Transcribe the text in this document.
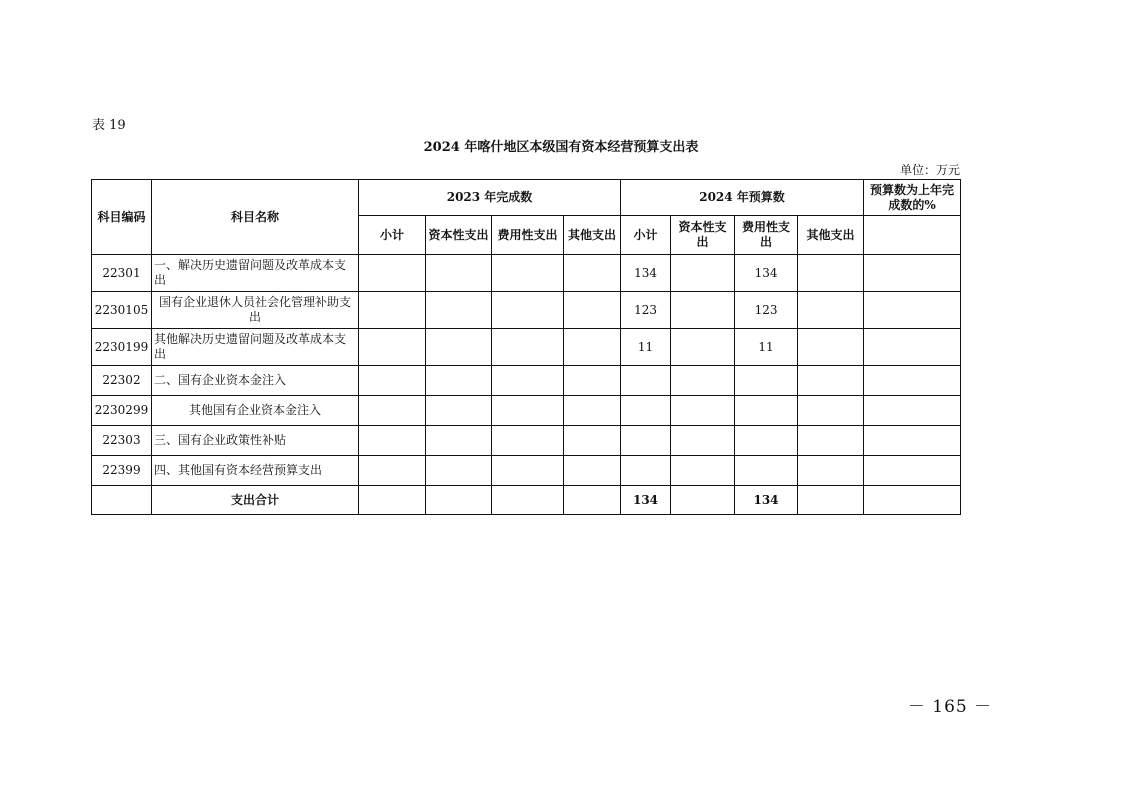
表 19
2024 年喀什地区本级国有资本经营预算支出表
单位：万元
科目编码	科目名称	2023 年完成数				2024 年预算数				预算数为上年完成数的%
		小计	资本性支出	费用性支出	其他支出	小计	资本性支出	费用性支出	其他支出	
22301	一、解决历史遗留问题及改革成本支出					134		134		
2230105	国有企业退休人员社会化管理补助支出					123		123		
2230199	其他解决历史遗留问题及改革成本支出					11		11		
22302	二、国有企业资本金注入									
2230299	其他国有企业资本金注入									
22303	三、国有企业政策性补贴									
22399	四、其他国有资本经营预算支出									
	支出合计					134		134		
－ 165 －
